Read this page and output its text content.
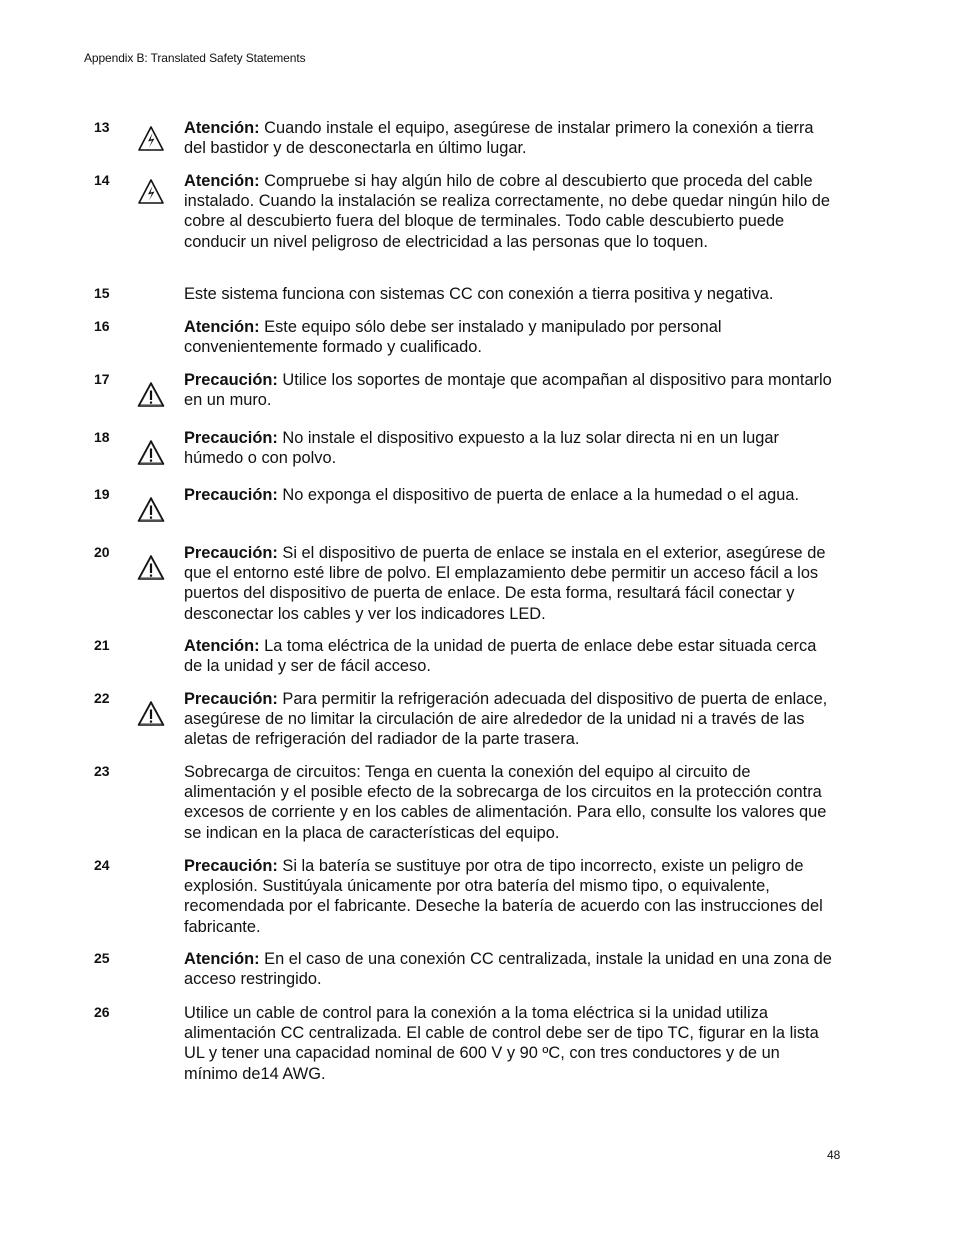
Appendix B: Translated Safety Statements
13	Atención: Cuando instale el equipo, asegúrese de instalar primero la conexión a tierra del bastidor y de desconectarla en último lugar.
14	Atención: Compruebe si hay algún hilo de cobre al descubierto que proceda del cable instalado. Cuando la instalación se realiza correctamente, no debe quedar ningún hilo de cobre al descubierto fuera del bloque de terminales. Todo cable descubierto puede conducir un nivel peligroso de electricidad a las personas que lo toquen.
15	Este sistema funciona con sistemas CC con conexión a tierra positiva y negativa.
16	Atención: Este equipo sólo debe ser instalado y manipulado por personal convenientemente formado y cualificado.
17	Precaución: Utilice los soportes de montaje que acompañan al dispositivo para montarlo en un muro.
18	Precaución: No instale el dispositivo expuesto a la luz solar directa ni en un lugar húmedo o con polvo.
19	Precaución: No exponga el dispositivo de puerta de enlace a la humedad o el agua.
20	Precaución: Si el dispositivo de puerta de enlace se instala en el exterior, asegúrese de que el entorno esté libre de polvo. El emplazamiento debe permitir un acceso fácil a los puertos del dispositivo de puerta de enlace. De esta forma, resultará fácil conectar y desconectar los cables y ver los indicadores LED.
21	Atención: La toma eléctrica de la unidad de puerta de enlace debe estar situada cerca de la unidad y ser de fácil acceso.
22	Precaución: Para permitir la refrigeración adecuada del dispositivo de puerta de enlace, asegúrese de no limitar la circulación de aire alrededor de la unidad ni a través de las aletas de refrigeración del radiador de la parte trasera.
23	Sobrecarga de circuitos: Tenga en cuenta la conexión del equipo al circuito de alimentación y el posible efecto de la sobrecarga de los circuitos en la protección contra excesos de corriente y en los cables de alimentación. Para ello, consulte los valores que se indican en la placa de características del equipo.
24	Precaución: Si la batería se sustituye por otra de tipo incorrecto, existe un peligro de explosión. Sustitúyala únicamente por otra batería del mismo tipo, o equivalente, recomendada por el fabricante. Deseche la batería de acuerdo con las instrucciones del fabricante.
25	Atención: En el caso de una conexión CC centralizada, instale la unidad en una zona de acceso restringido.
26	Utilice un cable de control para la conexión a la toma eléctrica si la unidad utiliza alimentación CC centralizada. El cable de control debe ser de tipo TC, figurar en la lista UL y tener una capacidad nominal de 600 V y 90 ºC, con tres conductores y de un mínimo de14 AWG.
48
